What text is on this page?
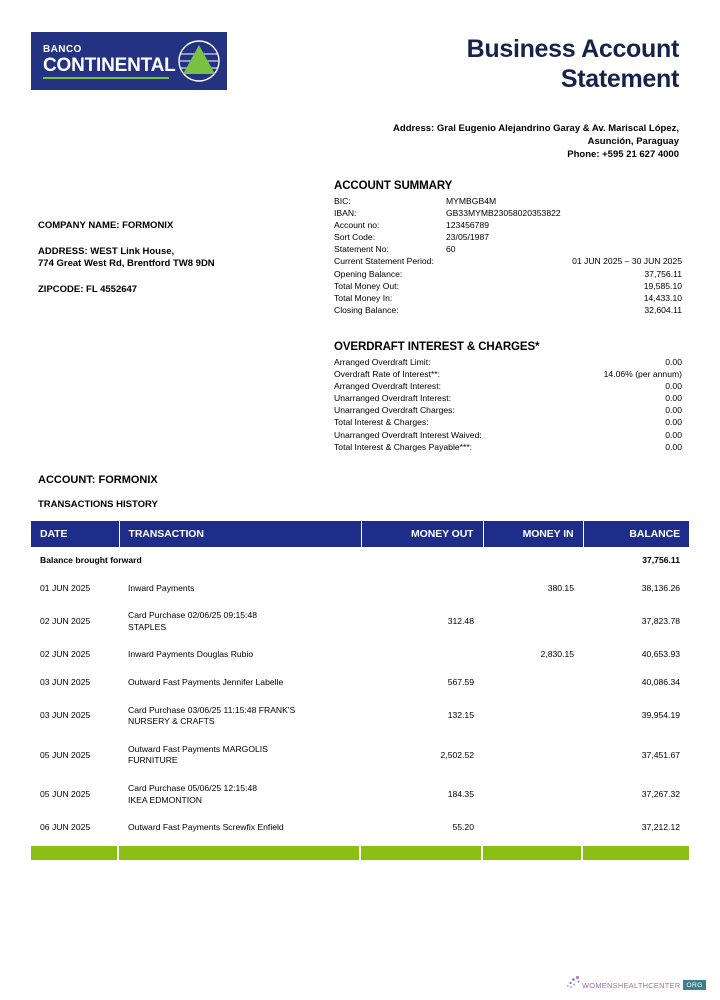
BANCO
CONTINENTAL
Business Account
Statement
Address: Gral Eugenio Alejandrino Garay & Av. Mariscal López,
Asunción, Paraguay
Phone: +595 21 627 4000
COMPANY NAME: FORMONIX
ADDRESS: WEST Link House,
774 Great West Rd, Brentford TW8 9DN
ZIPCODE: FL 4552647
ACCOUNT SUMMARY
BIC:	MYMBGB4M
IBAN:	GB33MYMB23058020353822
Account no:	123456789
Sort Code:	23/05/1987
Statement No:	60
Current Statement Period:	01 JUN 2025 – 30 JUN 2025
Opening Balance:	37,756.11
Total Money Out:	19,585.10
Total Money In:	14,433.10
Closing Balance:	32,604.11
OVERDRAFT INTEREST & CHARGES*
Arranged Overdraft Limit:	0.00
Overdraft Rate of Interest**:	14.06% (per annum)
Arranged Overdraft Interest:	0.00
Unarranged Overdraft Interest:	0.00
Unarranged Overdraft Charges:	0.00
Total Interest & Charges:	0.00
Unarranged Overdraft Interest Waived:	0.00
Total Interest & Charges Payable***:	0.00
ACCOUNT: FORMONIX
TRANSACTIONS HISTORY
DATE	TRANSACTION	MONEY OUT	MONEY IN	BALANCE
Balance brought forward				37,756.11
01 JUN 2025	Inward Payments		380.15	38,136.26
02 JUN 2025	Card Purchase 02/06/25 09:15:48
STAPLES	312.48		37,823.78
02 JUN 2025	Inward Payments Douglas Rubio		2,830.15	40,653.93
03 JUN 2025	Outward Fast Payments Jennifer Labelle	567.59		40,086.34
03 JUN 2025	Card Purchase 03/06/25 11:15:48 FRANK'S
NURSERY & CRAFTS	132.15		39,954.19
05 JUN 2025	Outward Fast Payments MARGOLIS
FURNITURE	2,502.52		37,451.67
05 JUN 2025	Card Purchase 05/06/25 12:15:48
IKEA EDMONTION	184.35		37,267.32
06 JUN 2025	Outward Fast Payments Screwfix Enfield	55.20		37,212.12
WOMENSHEALTHCENTER ORG
